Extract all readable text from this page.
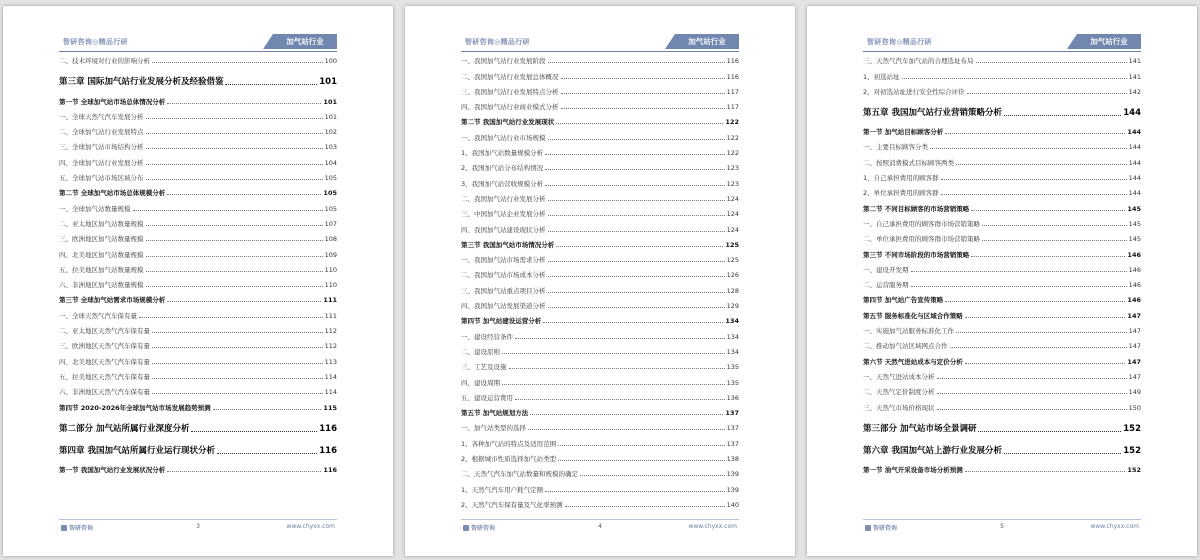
智研咨询◎精品行研	加气站行业
二、技术环境对行业的影响分析	100
第三章 国际加气站行业发展分析及经验借鉴	101
第一节 全球加气站市场总体情况分析	101
一、全球天然气汽车发展分析	101
二、全球加气站行业发展特点	102
三、全球加气站市场结构分析	103
四、全球加气站行业发展分析	104
五、全球加气站市场区域分布	105
第二节 全球加气站市场总体规模分析	105
一、全球加气站数量规模	105
二、亚太地区加气站数量规模	107
三、欧洲地区加气站数量规模	108
四、北美地区加气站数量规模	109
五、拉美地区加气站数量规模	110
六、非洲地区加气站数量规模	110
第三节 全球加气站需求市场规模分析	111
一、全球天然气汽车保有量	111
二、亚太地区天然气汽车保有量	112
三、欧洲地区天然气汽车保有量	112
四、北美地区天然气汽车保有量	113
五、拉美地区天然气汽车保有量	114
六、非洲地区天然气汽车保有量	114
第四节 2020-2026年全球加气站市场发展趋势预测	115
第二部分 加气站所属行业深度分析	116
第四章 我国加气站所属行业运行现状分析	116
第一节 我国加气站行业发展状况分析	116
智研咨询	3	www.chyxx.com
智研咨询◎精品行研	加气站行业
一、我国加气站行业发展阶段	116
二、我国加气站行业发展总体概况	116
三、我国加气站行业发展特点分析	117
四、我国加气站行业商业模式分析	117
第二节 我国加气站行业发展现状	122
一、我国加气站行业市场规模	122
1、我国加气站数量规模分析	122
2、我国加气站分布结构情况	123
3、我国加气站营收规模分析	123
二、我国加气站行业发展分析	124
三、中国加气站企业发展分析	124
四、我国加气站建设现状分析	124
第三节 我国加气站市场情况分析	125
一、我国加气站市场需求分析	125
二、我国加气站市场成本分析	126
三、我国加气站重点项目分析	128
四、我国加气站发展渠道分析	129
第四节 加气站建设运营分析	134
一、建设经营条件	134
二、建设原则	134
三、工艺及设施	135
四、建设周期	135
五、建设运营费用	136
第五节 加气站规划方法	137
一、加气站类型的选择	137
1、各种加气站的特点及适用范围	137
2、根据城市性质选择加气站类型	138
二、天然气汽车加气站数量和规模的确定	139
1、天然气汽车用户耗气定额	139
2、天然气汽车保有量及气化率预测	140
智研咨询	4	www.chyxx.com
智研咨询◎精品行研	加气站行业
三、天然气汽车加气站的合理选址布局	141
1、初选站址	141
2、对初选站址进行安全性综合评价	142
第五章 我国加气站行业营销策略分析	144
第一节 加气站目标顾客分析	144
一、主要目标顾客分类	144
二、按照消费模式目标顾客两类	144
1、自己承担费用的顾客群	144
2、单位承担费用的顾客群	144
第二节 不同目标顾客的市场营销策略	145
一、自己承担费用的顾客群市场营销策略	145
二、单位承担费用的顾客群市场营销策略	145
第三节 不同市场阶段的市场营销策略	146
一、建设开发期	146
二、运营服务期	146
第四节 加气站广告宣传策略	146
第五节 服务标准化与区域合作策略	147
一、实施加气站服务标准化工作	147
二、推动加气站区域网点合作	147
第六节 天然气进站成本与定价分析	147
一、天然气进站成本分析	147
二、天然气定价制度分析	149
三、天然气市场价格现状	150
第三部分 加气站市场全景调研	152
第六章 我国加气站上游行业发展分析	152
第一节 油气开采设备市场分析预测	152
智研咨询	5	www.chyxx.com
